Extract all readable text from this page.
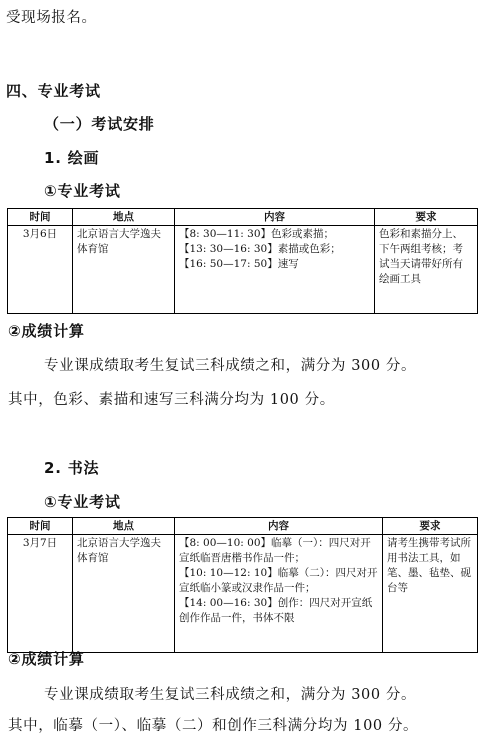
受现场报名。
四、专业考试
（一）考试安排
1. 绘画
①专业考试
时间	地点	内容	要求
3月6日	北京语言大学逸夫体育馆	【8: 30—11: 30】色彩或素描；
【13: 30—16: 30】素描或色彩；
【16: 50—17: 50】速写	色彩和素描分上、下午两组考核；考试当天请带好所有绘画工具
②成绩计算
专业课成绩取考生复试三科成绩之和，满分为 300 分。
其中，色彩、素描和速写三科满分均为 100 分。
2. 书法
①专业考试
时间	地点	内容	要求
3月7日	北京语言大学逸夫体育馆	【8: 00—10: 00】临摹（一）：四尺对开宣纸临晋唐楷书作品一件；
【10: 10—12: 10】临摹（二）：四尺对开宣纸临小篆或汉隶作品一件；
【14: 00—16: 30】创作：四尺对开宣纸创作作品一件，书体不限	请考生携带考试所用书法工具，如笔、墨、毡垫、砚台等
②成绩计算
专业课成绩取考生复试三科成绩之和，满分为 300 分。
其中，临摹（一）、临摹（二）和创作三科满分均为 100 分。
